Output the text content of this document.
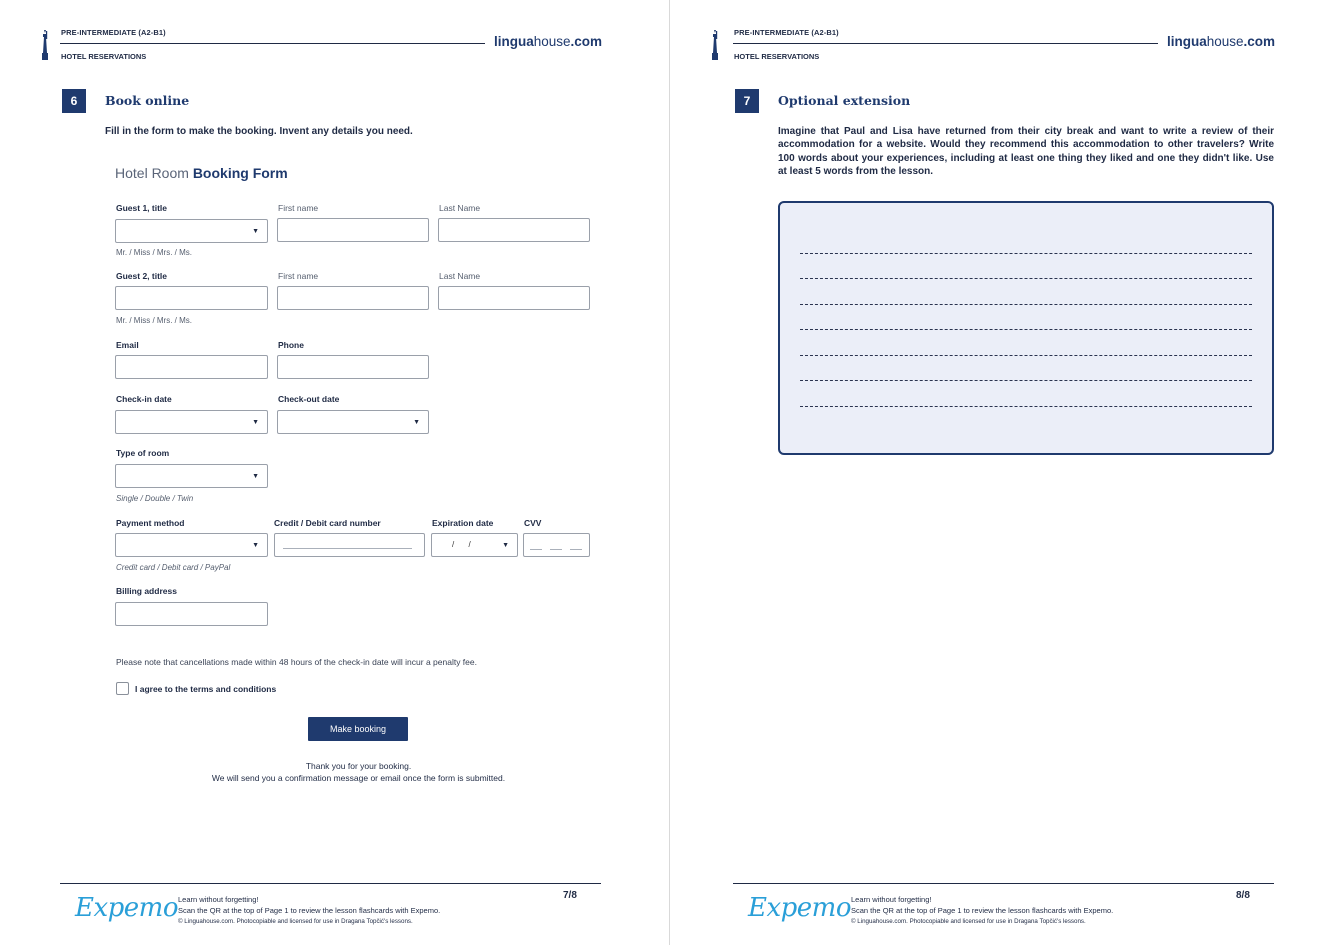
PRE-INTERMEDIATE (A2-B1)
HOTEL RESERVATIONS
linguahouse.com
6	Book online
Fill in the form to make the booking. Invent any details you need.
Hotel Room Booking Form
Guest 1, title	First name	Last Name
▼
Mr. / Miss / Mrs. / Ms.
Guest 2, title	First name	Last Name
Mr. / Miss / Mrs. / Ms.
Email	Phone
Check-in date	Check-out date
▼	▼
Type of room
▼
Single / Double / Twin
Payment method	Credit / Debit card number	Expiration date	CVV
▼	/ /	▼
Credit card / Debit card / PayPal
Billing address
Please note that cancellations made within 48 hours of the check-in date will incur a penalty fee.
I agree to the terms and conditions
Make booking
Thank you for your booking.
We will send you a confirmation message or email once the form is submitted.
Expemo Learn without forgetting!
Scan the QR at the top of Page 1 to review the lesson flashcards with Expemo.
© Linguahouse.com. Photocopiable and licensed for use in Dragana Topčić's lessons.
7/8
PRE-INTERMEDIATE (A2-B1)
HOTEL RESERVATIONS
linguahouse.com
7	Optional extension
Imagine that Paul and Lisa have returned from their city break and want to write a review of their accommodation for a website. Would they recommend this accommodation to other travelers? Write 100 words about your experiences, including at least one thing they liked and one they didn't like. Use at least 5 words from the lesson.
Expemo Learn without forgetting!
Scan the QR at the top of Page 1 to review the lesson flashcards with Expemo.
© Linguahouse.com. Photocopiable and licensed for use in Dragana Topčić's lessons.
8/8
